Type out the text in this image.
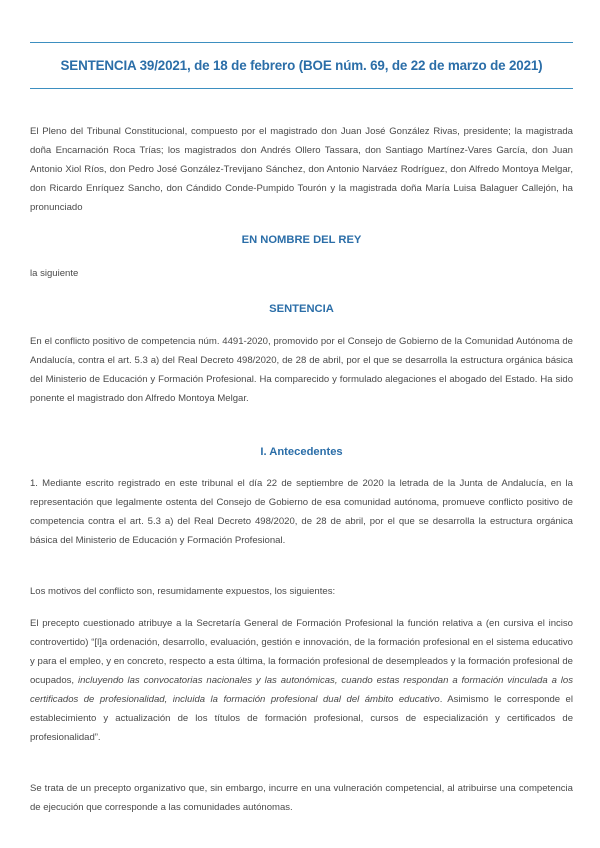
SENTENCIA 39/2021, de 18 de febrero (BOE núm. 69, de 22 de marzo de 2021)

El Pleno del Tribunal Constitucional, compuesto por el magistrado don Juan José González Rivas, presidente; la magistrada doña Encarnación Roca Trías; los magistrados don Andrés Ollero Tassara, don Santiago Martínez-Vares García, don Juan Antonio Xiol Ríos, don Pedro José González-Trevijano Sánchez, don Antonio Narváez Rodríguez, don Alfredo Montoya Melgar, don Ricardo Enríquez Sancho, don Cándido Conde-Pumpido Tourón y la magistrada doña María Luisa Balaguer Callejón, ha pronunciado

EN NOMBRE DEL REY

la siguiente

SENTENCIA

En el conflicto positivo de competencia núm. 4491-2020, promovido por el Consejo de Gobierno de la Comunidad Autónoma de Andalucía, contra el art. 5.3 a) del Real Decreto 498/2020, de 28 de abril, por el que se desarrolla la estructura orgánica básica del Ministerio de Educación y Formación Profesional. Ha comparecido y formulado alegaciones el abogado del Estado. Ha sido ponente el magistrado don Alfredo Montoya Melgar.

I. Antecedentes

1. Mediante escrito registrado en este tribunal el día 22 de septiembre de 2020 la letrada de la Junta de Andalucía, en la representación que legalmente ostenta del Consejo de Gobierno de esa comunidad autónoma, promueve conflicto positivo de competencia contra el art. 5.3 a) del Real Decreto 498/2020, de 28 de abril, por el que se desarrolla la estructura orgánica básica del Ministerio de Educación y Formación Profesional.

Los motivos del conflicto son, resumidamente expuestos, los siguientes:

El precepto cuestionado atribuye a la Secretaría General de Formación Profesional la función relativa a (en cursiva el inciso controvertido) “[l]a ordenación, desarrollo, evaluación, gestión e innovación, de la formación profesional en el sistema educativo y para el empleo, y en concreto, respecto a esta última, la formación profesional de desempleados y la formación profesional de ocupados, incluyendo las convocatorias nacionales y las autonómicas, cuando estas respondan a formación vinculada a los certificados de profesionalidad, incluida la formación profesional dual del ámbito educativo. Asimismo le corresponde el establecimiento y actualización de los títulos de formación profesional, cursos de especialización y certificados de profesionalidad”.

Se trata de un precepto organizativo que, sin embargo, incurre en una vulneración competencial, al atribuirse una competencia de ejecución que corresponde a las comunidades autónomas.
